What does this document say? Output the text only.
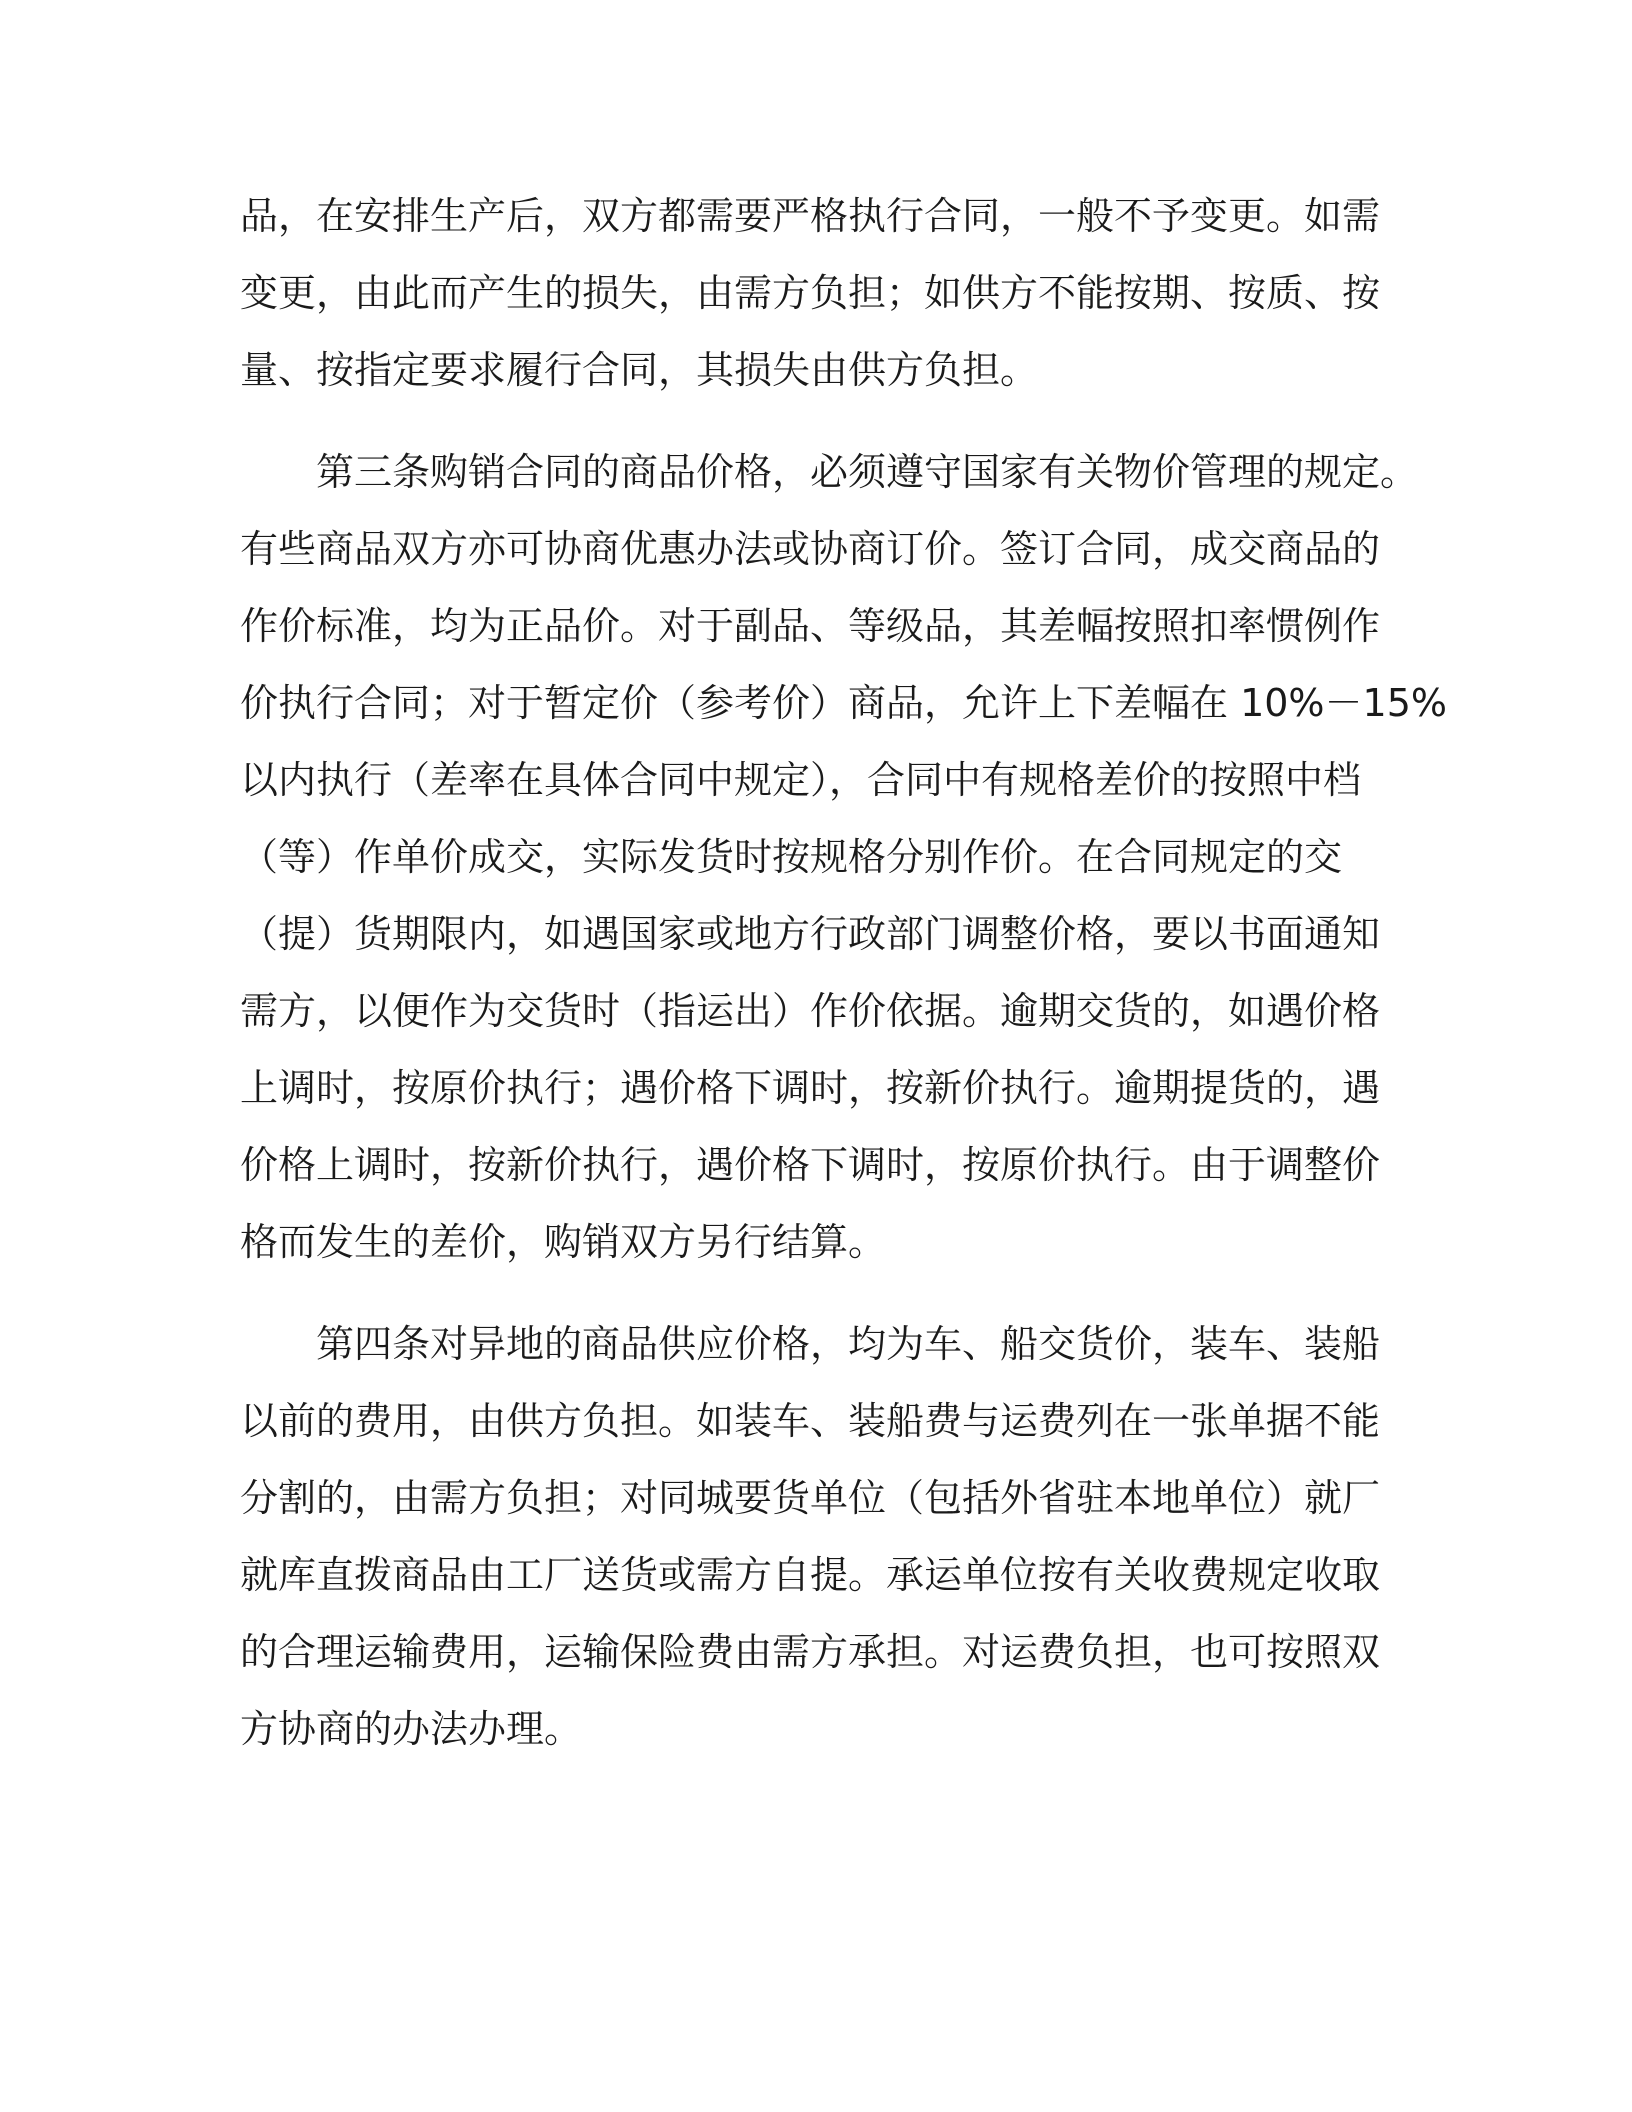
品，在安排生产后，双方都需要严格执行合同，一般不予变更。如需
变更，由此而产生的损失，由需方负担；如供方不能按期、按质、按
量、按指定要求履行合同，其损失由供方负担。
第三条购销合同的商品价格，必须遵守国家有关物价管理的规定。
有些商品双方亦可协商优惠办法或协商订价。签订合同，成交商品的
作价标准，均为正品价。对于副品、等级品，其差幅按照扣率惯例作
价执行合同；对于暂定价（参考价）商品，允许上下差幅在 10%－15%
以内执行（差率在具体合同中规定），合同中有规格差价的按照中档
（等）作单价成交，实际发货时按规格分别作价。在合同规定的交
（提）货期限内，如遇国家或地方行政部门调整价格，要以书面通知
需方，以便作为交货时（指运出）作价依据。逾期交货的，如遇价格
上调时，按原价执行；遇价格下调时，按新价执行。逾期提货的，遇
价格上调时，按新价执行，遇价格下调时，按原价执行。由于调整价
格而发生的差价，购销双方另行结算。
第四条对异地的商品供应价格，均为车、船交货价，装车、装船
以前的费用，由供方负担。如装车、装船费与运费列在一张单据不能
分割的，由需方负担；对同城要货单位（包括外省驻本地单位）就厂
就库直拨商品由工厂送货或需方自提。承运单位按有关收费规定收取
的合理运输费用，运输保险费由需方承担。对运费负担，也可按照双
方协商的办法办理。
